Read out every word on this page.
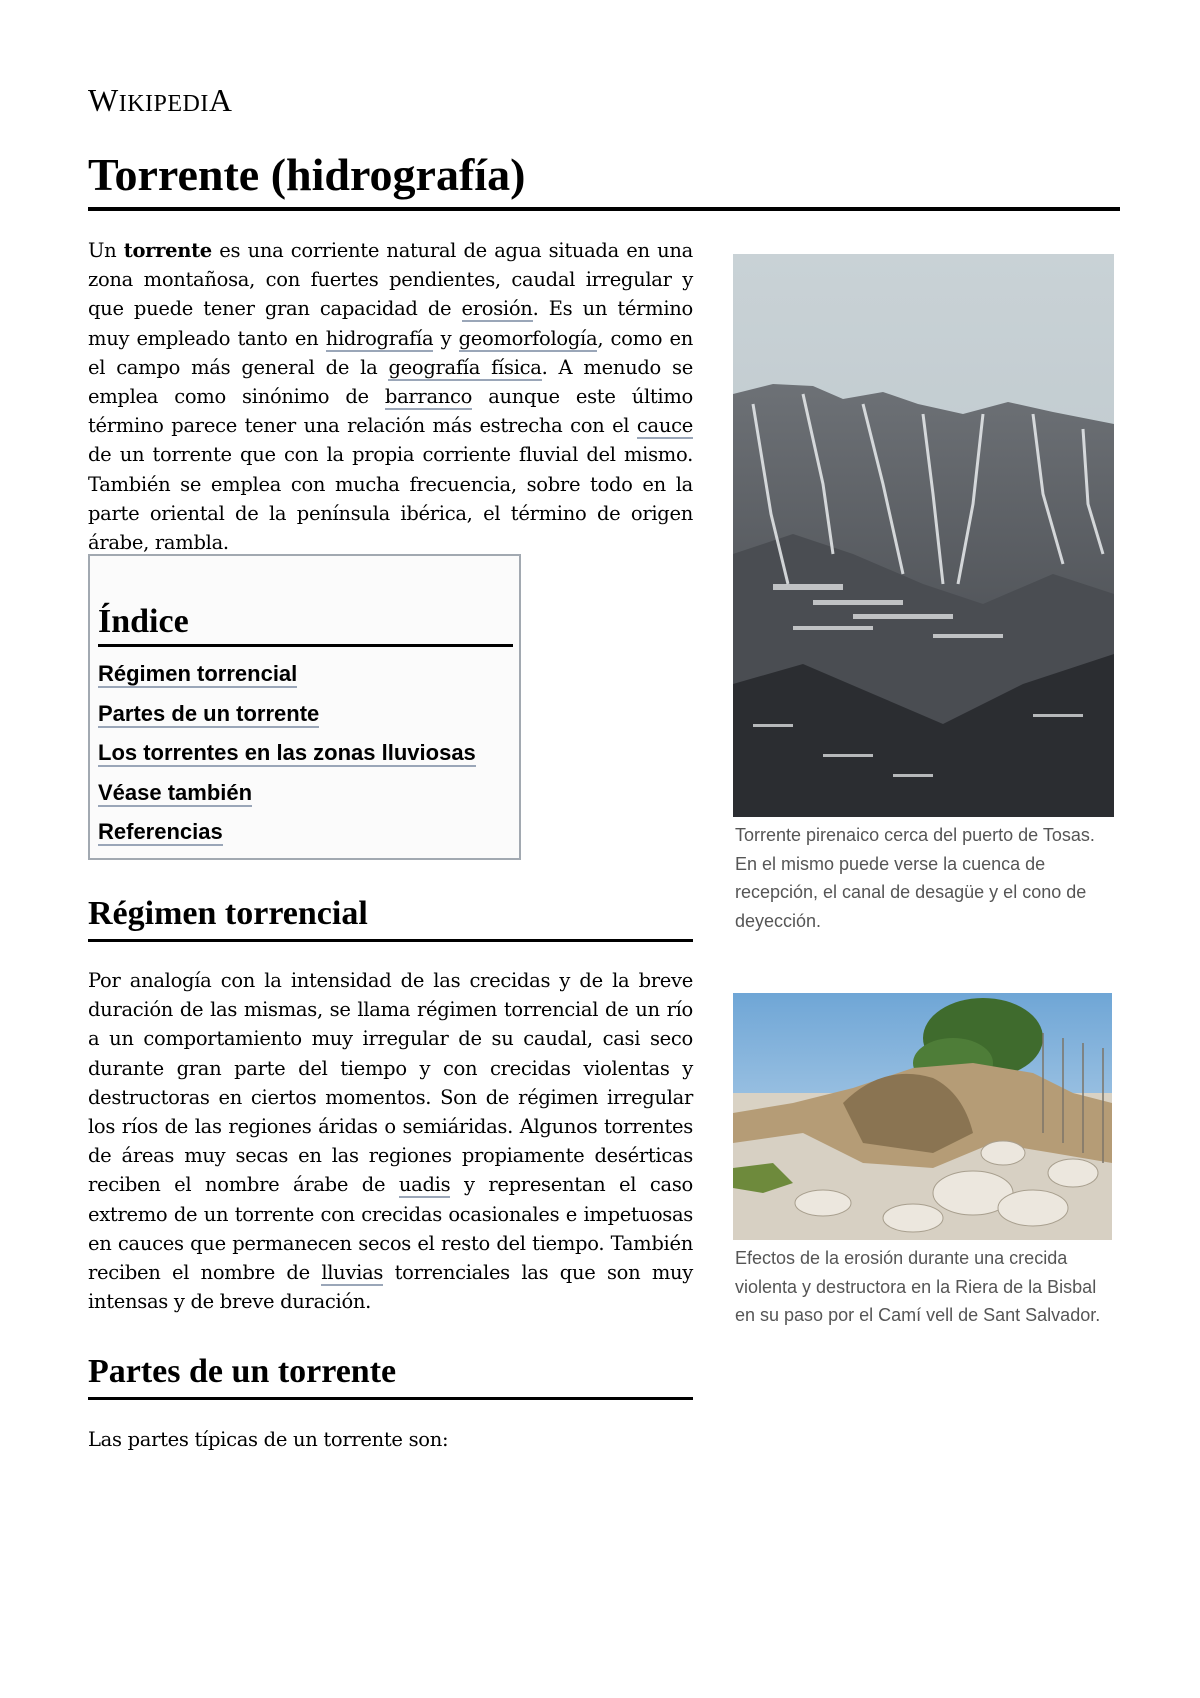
WIKIPEDIA
Torrente (hidrografía)

Un torrente es una corriente natural de agua situada en una zona montañosa, con fuertes pendientes, caudal irregular y que puede tener gran capacidad de erosión. Es un término muy empleado tanto en hidrografía y geomorfología, como en el campo más general de la geografía física. A menudo se emplea como sinónimo de barranco aunque este último término parece tener una relación más estrecha con el cauce de un torrente que con la propia corriente fluvial del mismo. También se emplea con mucha frecuencia, sobre todo en la parte oriental de la península ibérica, el término de origen árabe, rambla.

Índice
Régimen torrencial
Partes de un torrente
Los torrentes en las zonas lluviosas
Véase también
Referencias
Régimen torrencial

Por analogía con la intensidad de las crecidas y de la breve duración de las mismas, se llama régimen torrencial de un río a un comportamiento muy irregular de su caudal, casi seco durante gran parte del tiempo y con crecidas violentas y destructoras en ciertos momentos. Son de régimen irregular los ríos de las regiones áridas o semiáridas. Algunos torrentes de áreas muy secas en las regiones propiamente desérticas reciben el nombre árabe de uadis y representan el caso extremo de un torrente con crecidas ocasionales e impetuosas en cauces que permanecen secos el resto del tiempo. También reciben el nombre de lluvias torrenciales las que son muy intensas y de breve duración.

Partes de un torrente

Las partes típicas de un torrente son:

Torrente pirenaico cerca del puerto de Tosas. En el mismo puede verse la cuenca de recepción, el canal de desagüe y el cono de deyección.
Efectos de la erosión durante una crecida violenta y destructora en la Riera de la Bisbal en su paso por el Camí vell de Sant Salvador.
